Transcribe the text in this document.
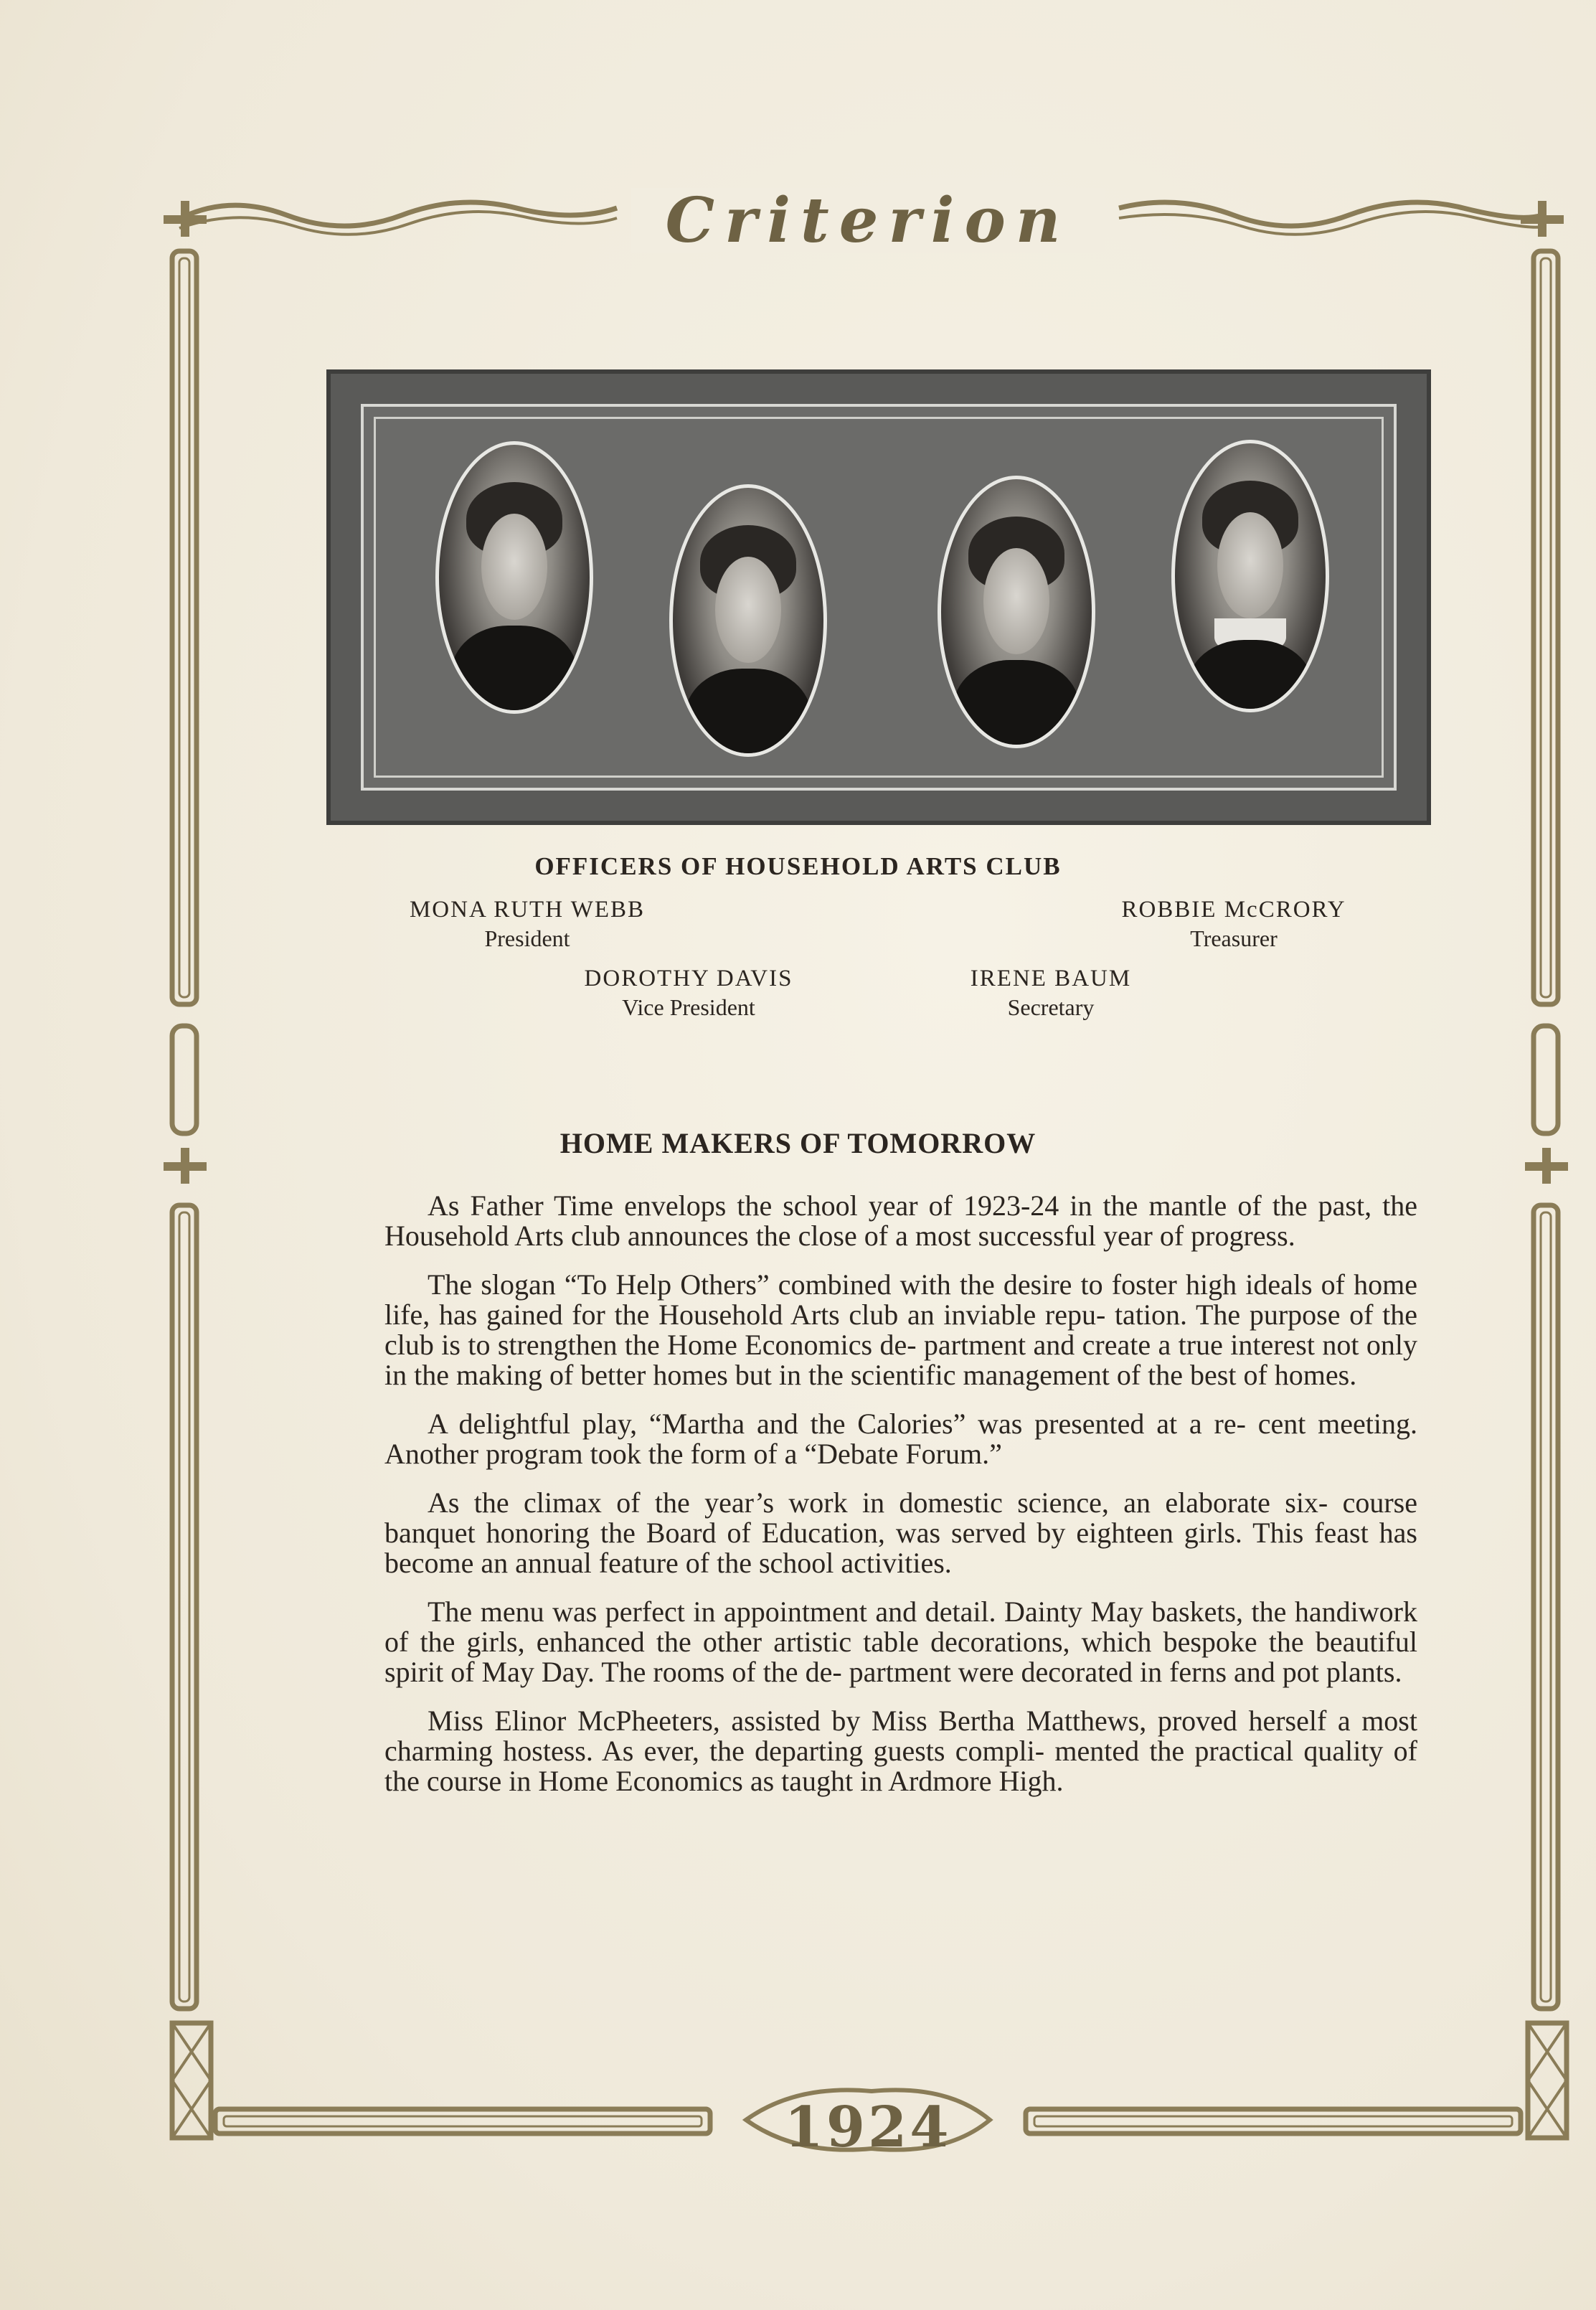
Criterion
1924
OFFICERS OF HOUSEHOLD ARTS CLUB
MONA RUTH WEBB
President
ROBBIE McCRORY
Treasurer
DOROTHY DAVIS
Vice President
IRENE BAUM
Secretary
HOME MAKERS OF TOMORROW

As Father Time envelops the school year of 1923-24 in the mantle of the past, the Household Arts club announces the close of a most successful year of progress.

The slogan “To Help Others” combined with the desire to foster high ideals of home life, has gained for the Household Arts club an inviable repu- tation. The purpose of the club is to strengthen the Home Economics de- partment and create a true interest not only in the making of better homes but in the scientific management of the best of homes.

A delightful play, “Martha and the Calories” was presented at a re- cent meeting. Another program took the form of a “Debate Forum.”

As the climax of the year’s work in domestic science, an elaborate six- course banquet honoring the Board of Education, was served by eighteen girls. This feast has become an annual feature of the school activities.

The menu was perfect in appointment and detail. Dainty May baskets, the handiwork of the girls, enhanced the other artistic table decorations, which bespoke the beautiful spirit of May Day. The rooms of the de- partment were decorated in ferns and pot plants.

Miss Elinor McPheeters, assisted by Miss Bertha Matthews, proved herself a most charming hostess. As ever, the departing guests compli- mented the practical quality of the course in Home Economics as taught in Ardmore High.
